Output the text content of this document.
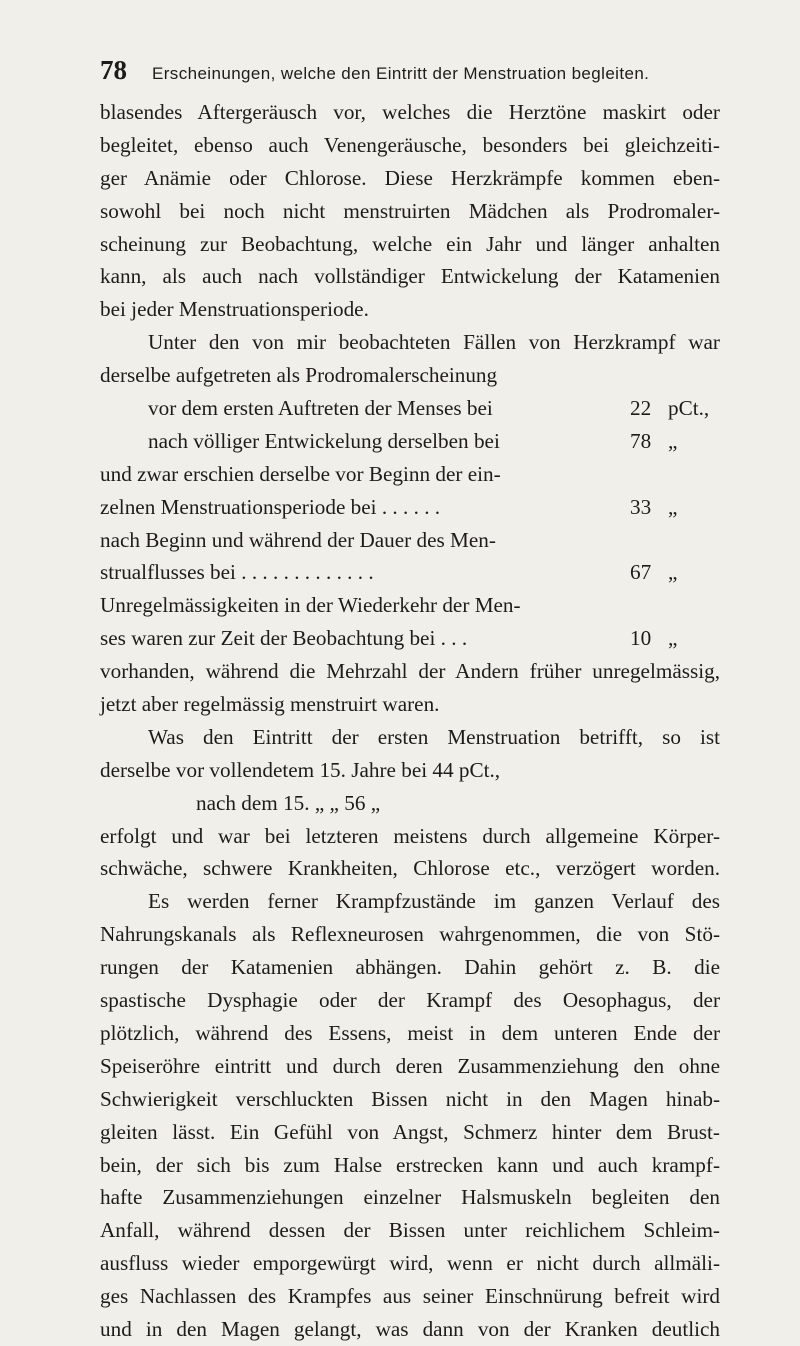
78	Erscheinungen, welche den Eintritt der Menstruation begleiten.
blasendes Aftergeräusch vor, welches die Herztöne maskirt oder
begleitet, ebenso auch Venengeräusche, besonders bei gleichzeiti-
ger Anämie oder Chlorose. Diese Herzkrämpfe kommen eben-
sowohl bei noch nicht menstruirten Mädchen als Prodromaler-
scheinung zur Beobachtung, welche ein Jahr und länger anhalten
kann, als auch nach vollständiger Entwickelung der Katamenien
bei jeder Menstruationsperiode.
Unter den von mir beobachteten Fällen von Herzkrampf war
derselbe aufgetreten als Prodromalerscheinung
vor dem ersten Auftreten der Menses bei	22 pCt.,
nach völliger Entwickelung derselben bei	78 „
und zwar erschien derselbe vor Beginn der ein-
zelnen Menstruationsperiode bei . . . . . .	33 „
nach Beginn und während der Dauer des Men-
strualflusses bei . . . . . . . . . . . . .	67 „
Unregelmässigkeiten in der Wiederkehr der Men-
ses waren zur Zeit der Beobachtung bei . . .	10 „
vorhanden, während die Mehrzahl der Andern früher unregelmässig,
jetzt aber regelmässig menstruirt waren.
Was den Eintritt der ersten Menstruation betrifft, so ist
derselbe vor vollendetem 15. Jahre bei 44 pCt.,
nach dem 15. „ „ 56 „
erfolgt und war bei letzteren meistens durch allgemeine Körper-
schwäche, schwere Krankheiten, Chlorose etc., verzögert worden.
Es werden ferner Krampfzustände im ganzen Verlauf des
Nahrungskanals als Reflexneurosen wahrgenommen, die von Stö-
rungen der Katamenien abhängen. Dahin gehört z. B. die
spastische Dysphagie oder der Krampf des Oesophagus, der
plötzlich, während des Essens, meist in dem unteren Ende der
Speiseröhre eintritt und durch deren Zusammenziehung den ohne
Schwierigkeit verschluckten Bissen nicht in den Magen hinab-
gleiten lässt. Ein Gefühl von Angst, Schmerz hinter dem Brust-
bein, der sich bis zum Halse erstrecken kann und auch krampf-
hafte Zusammenziehungen einzelner Halsmuskeln begleiten den
Anfall, während dessen der Bissen unter reichlichem Schleim-
ausfluss wieder emporgewürgt wird, wenn er nicht durch allmäli-
ges Nachlassen des Krampfes aus seiner Einschnürung befreit wird
und in den Magen gelangt, was dann von der Kranken deutlich
